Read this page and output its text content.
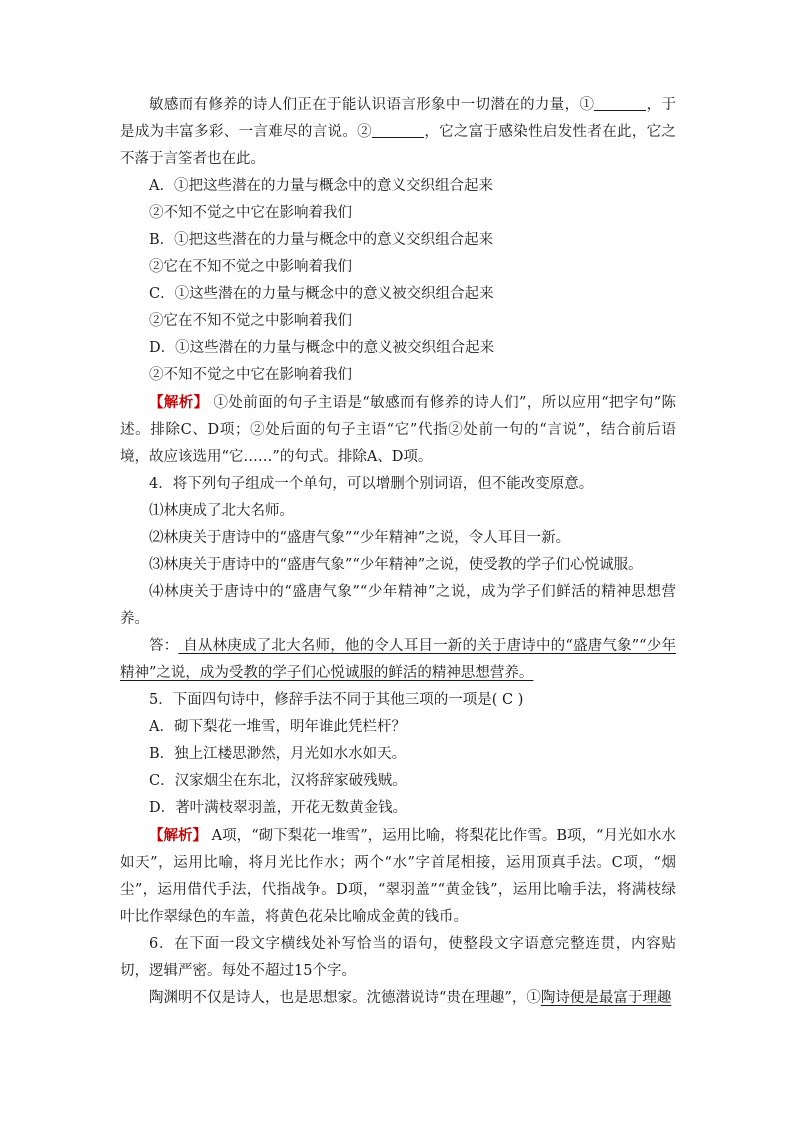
敏感而有修养的诗人们正在于能认识语言形象中一切潜在的力量，①	，于是成为丰富多彩、一言难尽的言说。②	，它之富于感染性启发性者在此，它之不落于言筌者也在此。

A．①把这些潜在的力量与概念中的意义交织组合起来

②不知不觉之中它在影响着我们

B．①把这些潜在的力量与概念中的意义交织组合起来

②它在不知不觉之中影响着我们

C．①这些潜在的力量与概念中的意义被交织组合起来

②它在不知不觉之中影响着我们

D．①这些潜在的力量与概念中的意义被交织组合起来

②不知不觉之中它在影响着我们

【解析】 ①处前面的句子主语是“敏感而有修养的诗人们”，所以应用“把字句”陈述。排除C、D项；②处后面的句子主语“它”代指②处前一句的“言说”，结合前后语境，故应该选用“它……”的句式。排除A、D项。

4．将下列句子组成一个单句，可以增删个别词语，但不能改变原意。

⑴林庚成了北大名师。

⑵林庚关于唐诗中的“盛唐气象”“少年精神”之说，令人耳目一新。

⑶林庚关于唐诗中的“盛唐气象”“少年精神”之说，使受教的学子们心悦诚服。

⑷林庚关于唐诗中的“盛唐气象”“少年精神”之说，成为学子们鲜活的精神思想营养。

答： 自从林庚成了北大名师，他的令人耳目一新的关于唐诗中的“盛唐气象”“少年精神”之说，成为受教的学子们心悦诚服的鲜活的精神思想营养。

5．下面四句诗中，修辞手法不同于其他三项的一项是( C )

A．砌下梨花一堆雪，明年谁此凭栏杆？

B．独上江楼思渺然，月光如水水如天。

C．汉家烟尘在东北，汉将辞家破残贼。

D．著叶满枝翠羽盖，开花无数黄金钱。

【解析】 A项，“砌下梨花一堆雪”，运用比喻，将梨花比作雪。B项，“月光如水水如天”，运用比喻，将月光比作水；两个“水”字首尾相接，运用顶真手法。C项，“烟尘”，运用借代手法，代指战争。D项，“翠羽盖”“黄金钱”，运用比喻手法，将满枝绿叶比作翠绿色的车盖，将黄色花朵比喻成金黄的钱币。

6．在下面一段文字横线处补写恰当的语句，使整段文字语意完整连贯，内容贴切，逻辑严密。每处不超过15个字。

陶渊明不仅是诗人，也是思想家。沈德潜说诗“贵在理趣”，①陶诗便是最富于理趣
